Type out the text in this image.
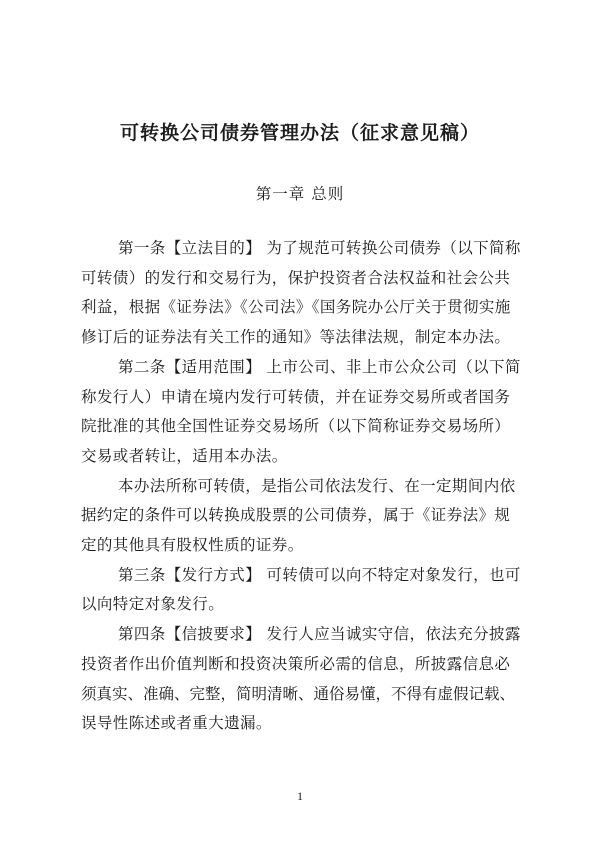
可转换公司债券管理办法（征求意见稿）
第一章 总则
第一条【立法目的】 为了规范可转换公司债券（以下简称
可转债）的发行和交易行为，保护投资者合法权益和社会公共
利益，根据《证券法》《公司法》《国务院办公厅关于贯彻实施
修订后的证券法有关工作的通知》等法律法规，制定本办法。
第二条【适用范围】 上市公司、非上市公众公司（以下简
称发行人）申请在境内发行可转债，并在证券交易所或者国务
院批准的其他全国性证券交易场所（以下简称证券交易场所）
交易或者转让，适用本办法。
本办法所称可转债，是指公司依法发行、在一定期间内依
据约定的条件可以转换成股票的公司债券，属于《证券法》规
定的其他具有股权性质的证券。
第三条【发行方式】 可转债可以向不特定对象发行，也可
以向特定对象发行。
第四条【信披要求】 发行人应当诚实守信，依法充分披露
投资者作出价值判断和投资决策所必需的信息，所披露信息必
须真实、准确、完整，简明清晰、通俗易懂，不得有虚假记载、
误导性陈述或者重大遗漏。
1
